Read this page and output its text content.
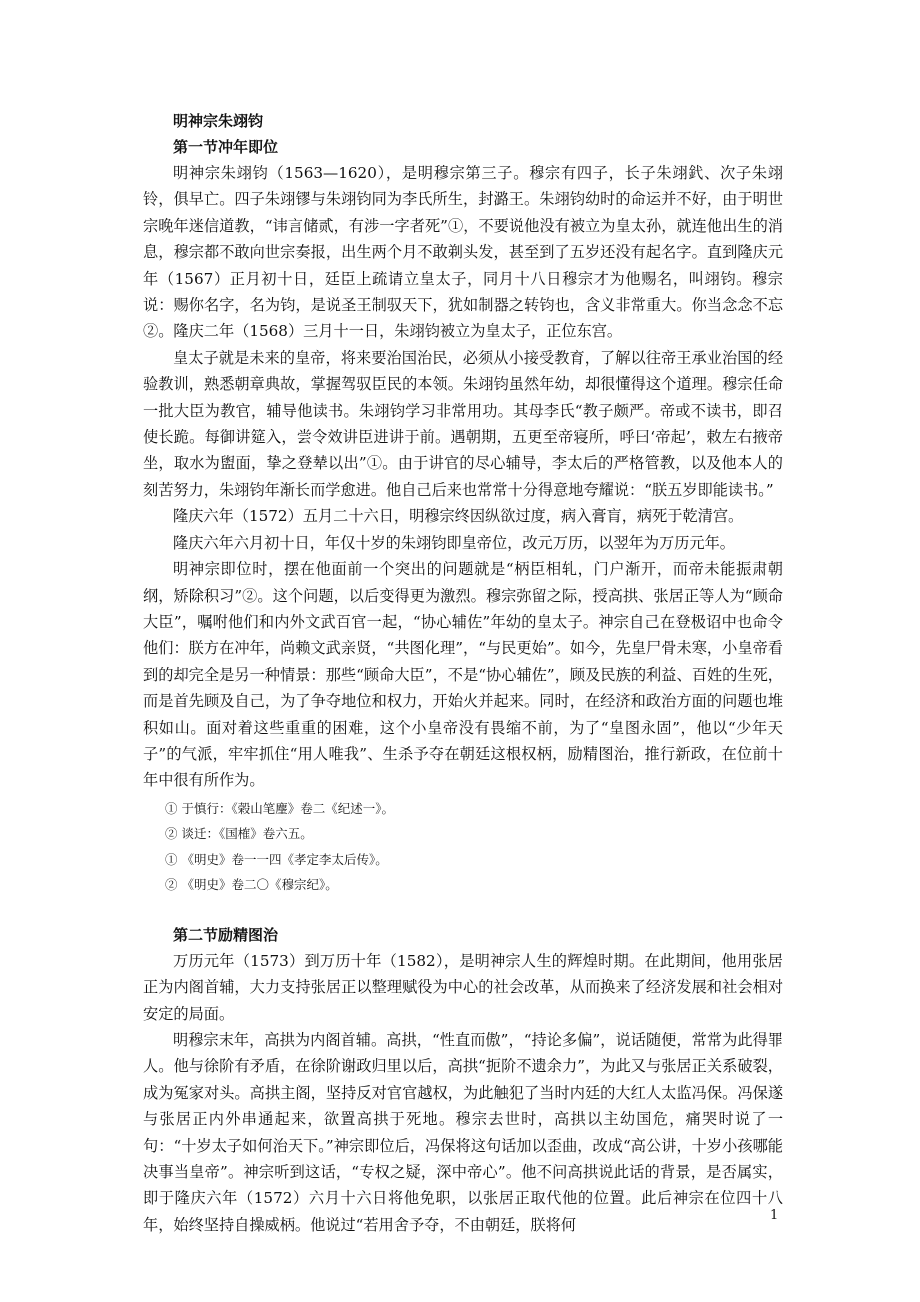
明神宗朱翊钧

第一节冲年即位

明神宗朱翊钧（1563—1620），是明穆宗第三子。穆宗有四子，长子朱翊釴、次子朱翊铃，俱早亡。四子朱翊镠与朱翊钧同为李氏所生，封潞王。朱翊钧幼时的命运并不好，由于明世宗晚年迷信道教，“讳言储贰，有涉一字者死”①，不要说他没有被立为皇太孙，就连他出生的消息，穆宗都不敢向世宗奏报，出生两个月不敢剃头发，甚至到了五岁还没有起名字。直到隆庆元年（1567）正月初十日，廷臣上疏请立皇太子，同月十八日穆宗才为他赐名，叫翊钧。穆宗说：赐你名字，名为钧，是说圣王制驭天下，犹如制器之转钧也，含义非常重大。你当念念不忘②。隆庆二年（1568）三月十一日，朱翊钧被立为皇太子，正位东宫。

皇太子就是未来的皇帝，将来要治国治民，必须从小接受教育，了解以往帝王承业治国的经验教训，熟悉朝章典故，掌握驾驭臣民的本领。朱翊钧虽然年幼，却很懂得这个道理。穆宗任命一批大臣为教官，辅导他读书。朱翊钧学习非常用功。其母李氏“教子颇严。帝或不读书，即召使长跪。每御讲筵入，尝令效讲臣进讲于前。遇朝期，五更至帝寝所，呼曰‘帝起’，敕左右掖帝坐，取水为盥面，挚之登辇以出”①。由于讲官的尽心辅导，李太后的严格管教，以及他本人的刻苦努力，朱翊钧年渐长而学愈进。他自己后来也常常十分得意地夸耀说：“朕五岁即能读书。”

隆庆六年（1572）五月二十六日，明穆宗终因纵欲过度，病入膏肓，病死于乾清宫。

隆庆六年六月初十日，年仅十岁的朱翊钧即皇帝位，改元万历，以翌年为万历元年。

明神宗即位时，摆在他面前一个突出的问题就是“柄臣相轧，门户渐开，而帝未能振肃朝纲，矫除积习”②。这个问题，以后变得更为激烈。穆宗弥留之际，授高拱、张居正等人为“顾命大臣”，嘱咐他们和内外文武百官一起，“协心辅佐”年幼的皇太子。神宗自己在登极诏中也命令他们：朕方在冲年，尚赖文武亲贤，“共图化理”，“与民更始”。如今，先皇尸骨未寒，小皇帝看到的却完全是另一种情景：那些“顾命大臣”，不是“协心辅佐”，顾及民族的利益、百姓的生死，而是首先顾及自己，为了争夺地位和权力，开始火并起来。同时，在经济和政治方面的问题也堆积如山。面对着这些重重的困难，这个小皇帝没有畏缩不前，为了“皇图永固”，他以“少年天子”的气派，牢牢抓住“用人唯我”、生杀予夺在朝廷这根权柄，励精图治，推行新政，在位前十年中很有所作为。

① 于慎行：《榖山笔麈》卷二《纪述一》。
② 谈迁：《国榷》卷六五。
① 《明史》卷一一四《孝定李太后传》。
② 《明史》卷二〇《穆宗纪》。

第二节励精图治

万历元年（1573）到万历十年（1582），是明神宗人生的辉煌时期。在此期间，他用张居正为内阁首辅，大力支持张居正以整理赋役为中心的社会改革，从而换来了经济发展和社会相对安定的局面。

明穆宗末年，高拱为内阁首辅。高拱，“性直而傲”，“持论多偏”，说话随便，常常为此得罪人。他与徐阶有矛盾，在徐阶谢政归里以后，高拱“扼阶不遗余力”，为此又与张居正关系破裂，成为冤家对头。高拱主阁，坚持反对官官越权，为此触犯了当时内廷的大红人太监冯保。冯保遂与张居正内外串通起来，欲置高拱于死地。穆宗去世时，高拱以主幼国危，痛哭时说了一句：“十岁太子如何治天下。”神宗即位后，冯保将这句话加以歪曲，改成“高公讲，十岁小孩哪能决事当皇帝”。神宗听到这话，“专权之疑，深中帝心”。他不问高拱说此话的背景，是否属实，即于隆庆六年（1572）六月十六日将他免职，以张居正取代他的位置。此后神宗在位四十八年，始终坚持自操威柄。他说过“若用舍予夺，不由朝廷，朕将何

1
